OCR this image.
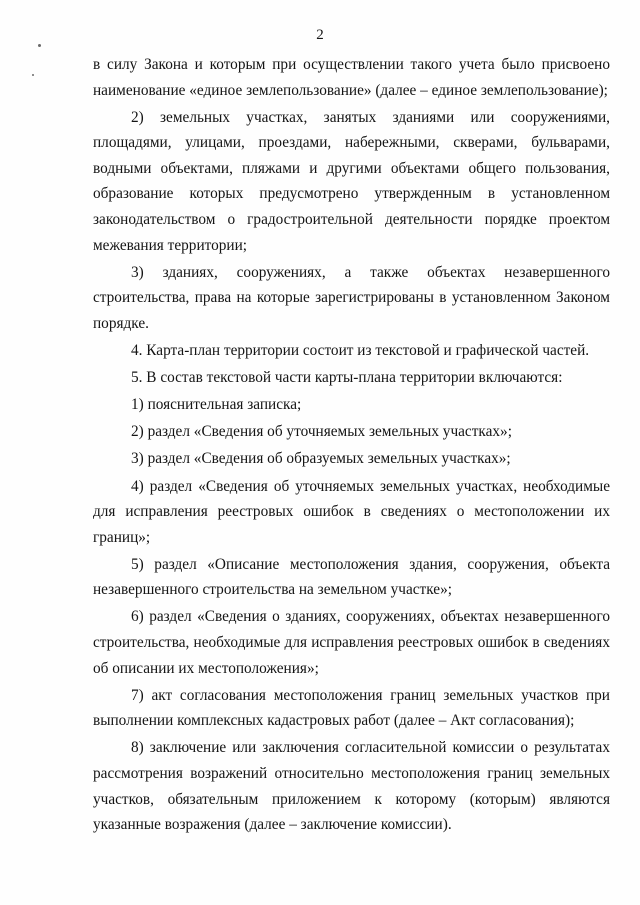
2

в силу Закона и которым при осуществлении такого учета было присвоено наименование «единое землепользование» (далее – единое землепользование);

2) земельных участках, занятых зданиями или сооружениями, площадями, улицами, проездами, набережными, скверами, бульварами, водными объектами, пляжами и другими объектами общего пользования, образование которых предусмотрено утвержденным в установленном законодательством о градостроительной деятельности порядке проектом межевания территории;

3) зданиях, сооружениях, а также объектах незавершенного строительства, права на которые зарегистрированы в установленном Законом порядке.

4. Карта-план территории состоит из текстовой и графической частей.

5. В состав текстовой части карты-плана территории включаются:

1) пояснительная записка;

2) раздел «Сведения об уточняемых земельных участках»;

3) раздел «Сведения об образуемых земельных участках»;

4) раздел «Сведения об уточняемых земельных участках, необходимые для исправления реестровых ошибок в сведениях о местоположении их границ»;

5) раздел «Описание местоположения здания, сооружения, объекта незавершенного строительства на земельном участке»;

6) раздел «Сведения о зданиях, сооружениях, объектах незавершенного строительства, необходимые для исправления реестровых ошибок в сведениях об описании их местоположения»;

7) акт согласования местоположения границ земельных участков при выполнении комплексных кадастровых работ (далее – Акт согласования);

8) заключение или заключения согласительной комиссии о результатах рассмотрения возражений относительно местоположения границ земельных участков, обязательным приложением к которому (которым) являются указанные возражения (далее – заключение комиссии).
